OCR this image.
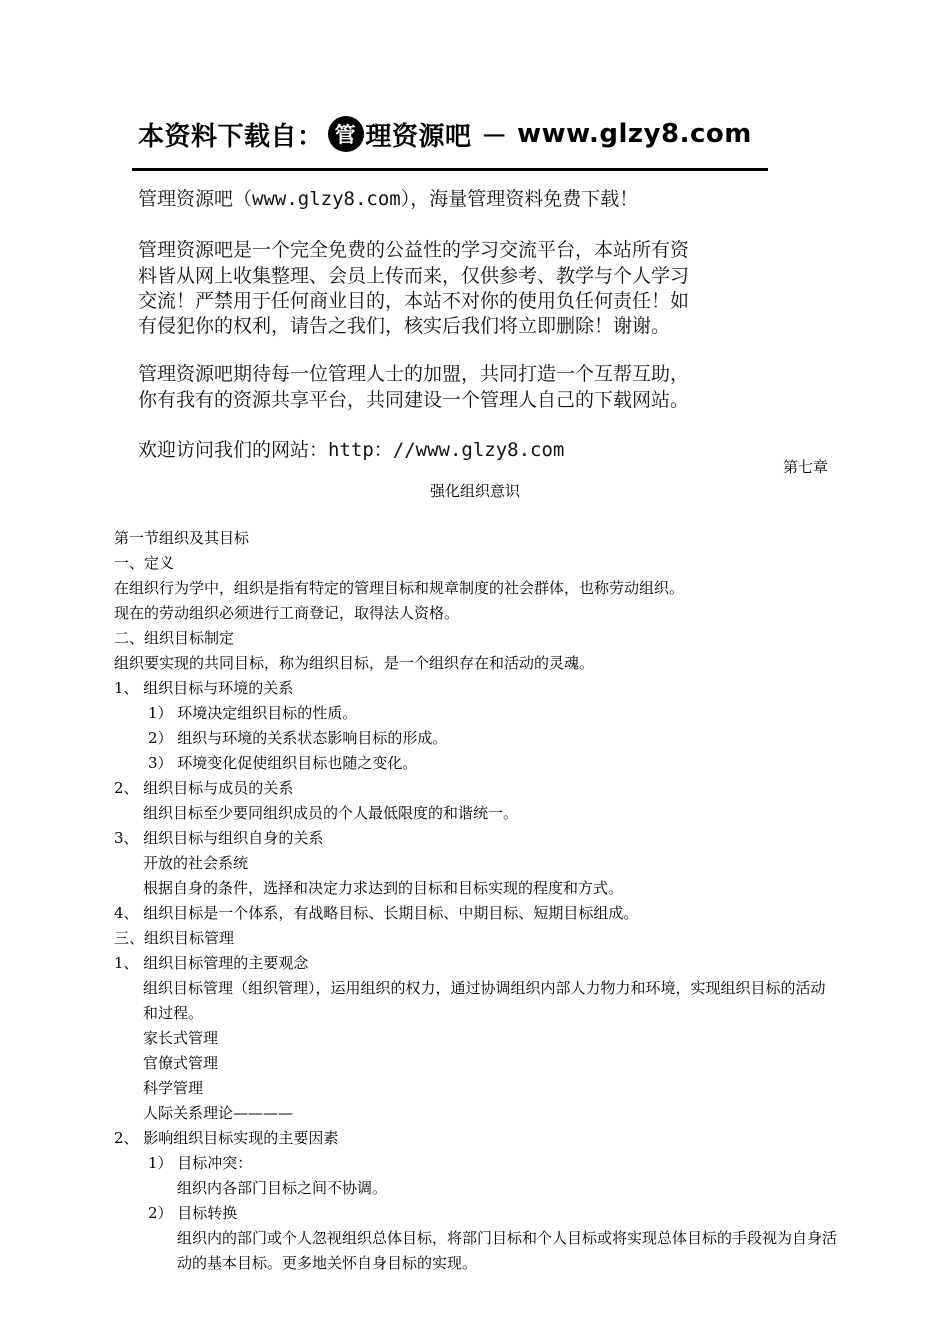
本资料下载自： 管 理资源吧 － www.glzy8.com

管理资源吧（www.glzy8.com），海量管理资料免费下载！

管理资源吧是一个完全免费的公益性的学习交流平台，本站所有资

料皆从网上收集整理、会员上传而来，仅供参考、教学与个人学习

交流！严禁用于任何商业目的，本站不对你的使用负任何责任！如

有侵犯你的权利，请告之我们，核实后我们将立即删除！谢谢。

管理资源吧期待每一位管理人士的加盟，共同打造一个互帮互助，

你有我有的资源共享平台，共同建设一个管理人自己的下载网站。

欢迎访问我们的网站：http：//www.glzy8.com

第七章
强化组织意识

第一节组织及其目标

一、定义

在组织行为学中，组织是指有特定的管理目标和规章制度的社会群体，也称劳动组织。

现在的劳动组织必须进行工商登记，取得法人资格。

二、组织目标制定

组织要实现的共同目标，称为组织目标，是一个组织存在和活动的灵魂。

1、 组织目标与环境的关系

1） 环境决定组织目标的性质。

2） 组织与环境的关系状态影响目标的形成。

3） 环境变化促使组织目标也随之变化。

2、 组织目标与成员的关系

组织目标至少要同组织成员的个人最低限度的和谐统一。

3、 组织目标与组织自身的关系

开放的社会系统

根据自身的条件，选择和决定力求达到的目标和目标实现的程度和方式。

4、 组织目标是一个体系，有战略目标、长期目标、中期目标、短期目标组成。

三、组织目标管理

1、 组织目标管理的主要观念

组织目标管理（组织管理），运用组织的权力，通过协调组织内部人力物力和环境，实现组织目标的活动和过程。

家长式管理

官僚式管理

科学管理

人际关系理论————

2、 影响组织目标实现的主要因素

1） 目标冲突：

组织内各部门目标之间不协调。

2） 目标转换

组织内的部门或个人忽视组织总体目标，将部门目标和个人目标或将实现总体目标的手段视为自身活动的基本目标。更多地关怀自身目标的实现。
